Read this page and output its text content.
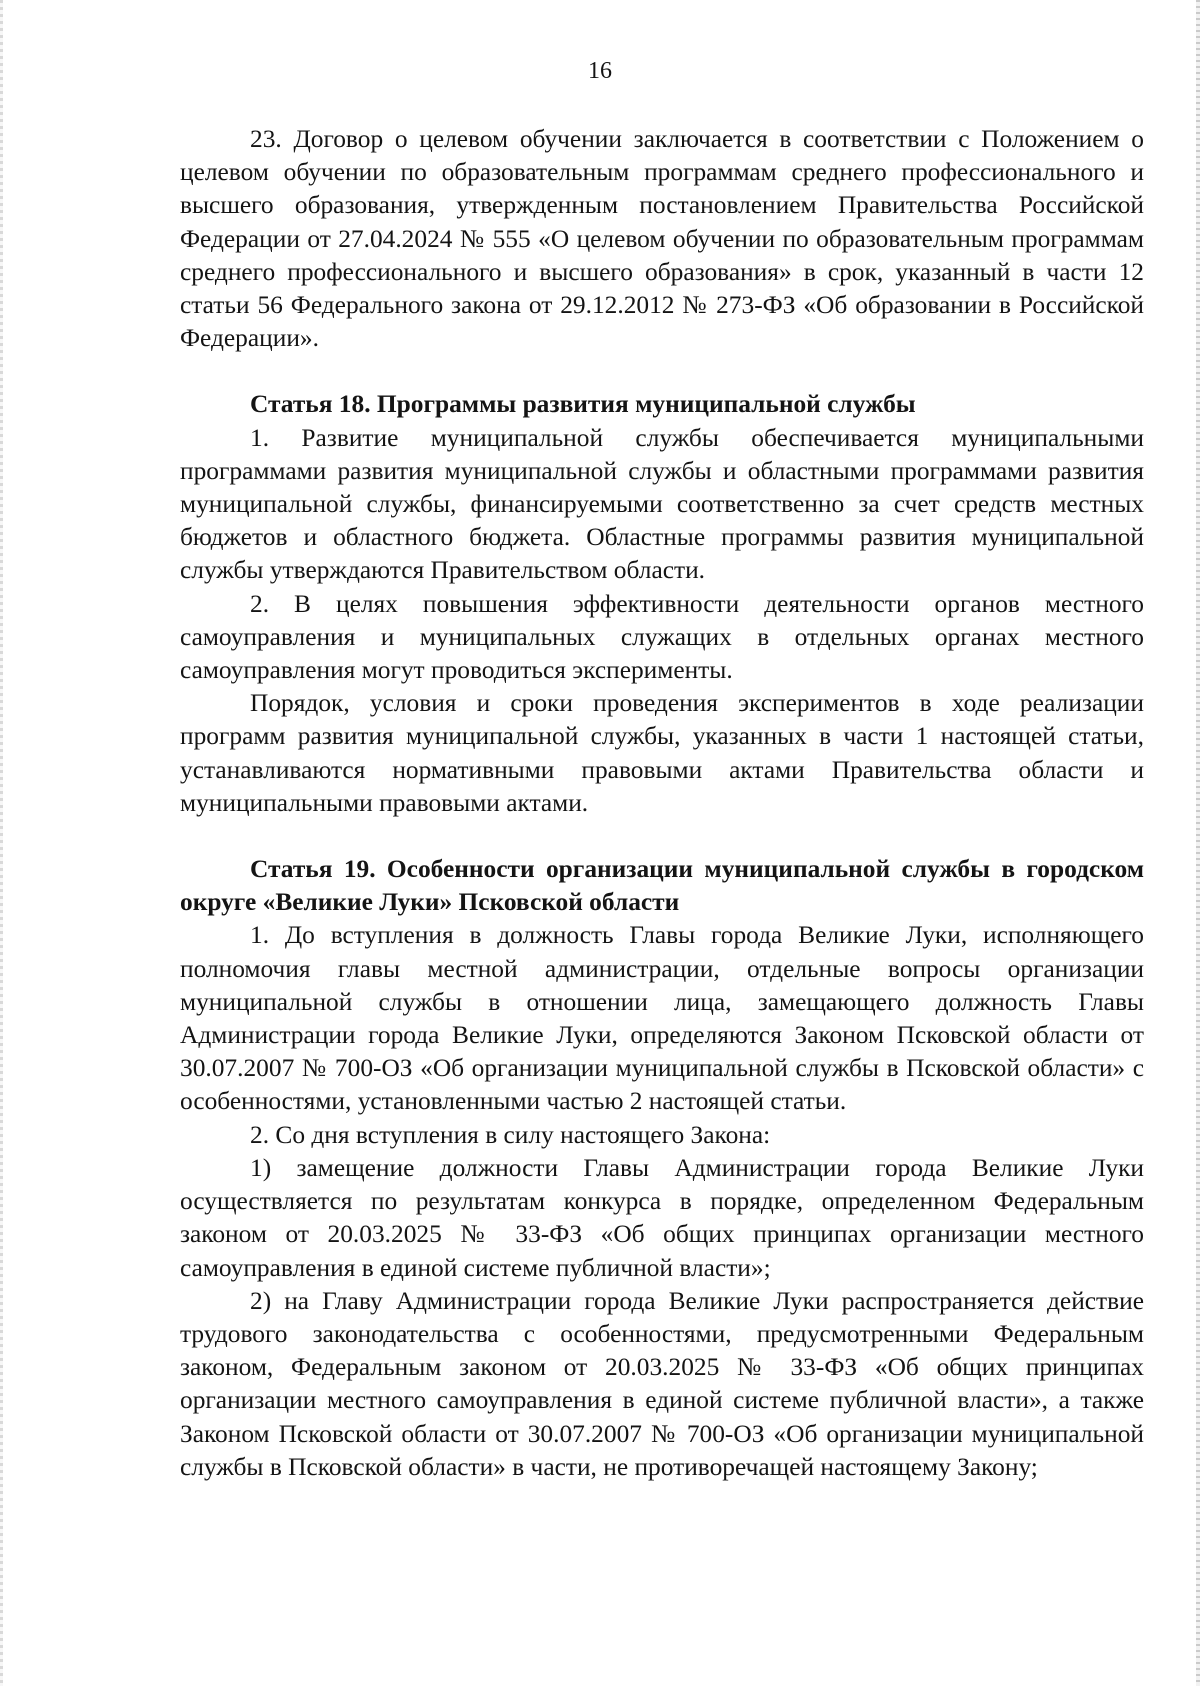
16

23. Договор о целевом обучении заключается в соответствии с Положением о целевом обучении по образовательным программам среднего профессионального и высшего образования, утвержденным постановлением Правительства Российской Федерации от 27.04.2024 № 555 «О целевом обучении по образовательным программам среднего профессионального и высшего образования» в срок, указанный в части 12 статьи 56 Федерального закона от 29.12.2012 № 273-ФЗ «Об образовании в Российской Федерации».

Статья 18. Программы развития муниципальной службы

1. Развитие муниципальной службы обеспечивается муниципальными программами развития муниципальной службы и областными программами развития муниципальной службы, финансируемыми соответственно за счет средств местных бюджетов и областного бюджета. Областные программы развития муниципальной службы утверждаются Правительством области.

2. В целях повышения эффективности деятельности органов местного самоуправления и муниципальных служащих в отдельных органах местного самоуправления могут проводиться эксперименты.

Порядок, условия и сроки проведения экспериментов в ходе реализации программ развития муниципальной службы, указанных в части 1 настоящей статьи, устанавливаются нормативными правовыми актами Правительства области и муниципальными правовыми актами.

Статья 19. Особенности организации муниципальной службы в городском округе «Великие Луки» Псковской области

1. До вступления в должность Главы города Великие Луки, исполняющего полномочия главы местной администрации, отдельные вопросы организации муниципальной службы в отношении лица, замещающего должность Главы Администрации города Великие Луки, определяются Законом Псковской области от 30.07.2007 № 700-ОЗ «Об организации муниципальной службы в Псковской области» с особенностями, установленными частью 2 настоящей статьи.

2. Со дня вступления в силу настоящего Закона:

1) замещение должности Главы Администрации города Великие Луки осуществляется по результатам конкурса в порядке, определенном Федеральным законом от 20.03.2025 № 33-ФЗ «Об общих принципах организации местного самоуправления в единой системе публичной власти»;

2) на Главу Администрации города Великие Луки распространяется действие трудового законодательства с особенностями, предусмотренными Федеральным законом, Федеральным законом от 20.03.2025 № 33-ФЗ «Об общих принципах организации местного самоуправления в единой системе публичной власти», а также Законом Псковской области от 30.07.2007 № 700-ОЗ «Об организации муниципальной службы в Псковской области» в части, не противоречащей настоящему Закону;
